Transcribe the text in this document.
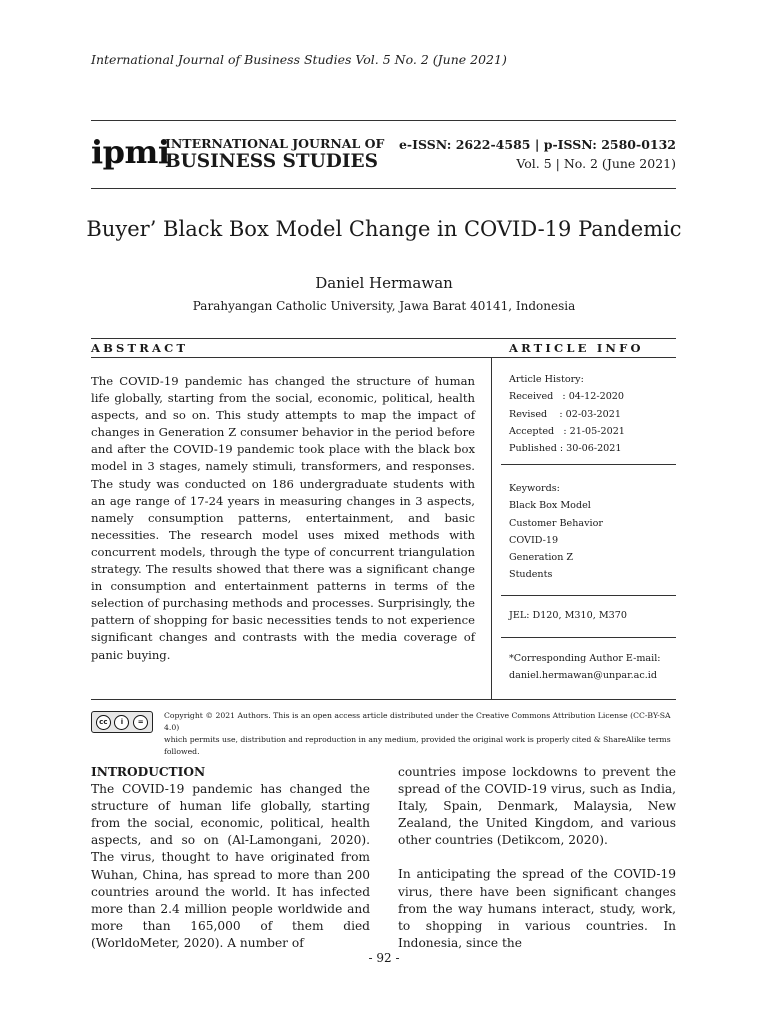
International Journal of Business Studies Vol. 5 No. 2 (June 2021)
ipmi
INTERNATIONAL JOURNAL OF
BUSINESS STUDIES
e-ISSN: 2622-4585 | p-ISSN: 2580-0132
Vol. 5 | No. 2 (June 2021)
Buyer’ Black Box Model Change in COVID-19 Pandemic
Daniel Hermawan
Parahyangan Catholic University, Jawa Barat 40141, Indonesia
ABSTRACT	ARTICLE INFO
The COVID-19 pandemic has changed the structure of human life globally, starting from the social, economic, political, health aspects, and so on. This study attempts to map the impact of changes in Generation Z consumer behavior in the period before and after the COVID-19 pandemic took place with the black box model in 3 stages, namely stimuli, transformers, and responses. The study was conducted on 186 undergraduate students with an age range of 17-24 years in measuring changes in 3 aspects, namely consumption patterns, entertainment, and basic necessities. The research model uses mixed methods with concurrent models, through the type of concurrent triangulation strategy. The results showed that there was a significant change in consumption and entertainment patterns in terms of the selection of purchasing methods and processes. Surprisingly, the pattern of shopping for basic necessities tends to not experience significant changes and contrasts with the media coverage of panic buying.
Article History:
Received   : 04-12-2020
Revised    : 02-03-2021
Accepted   : 21-05-2021
Published : 30-06-2021
Keywords:
Black Box Model
Customer Behavior
COVID-19
Generation Z
Students
JEL: D120, M310, M370
*Corresponding Author E-mail:
daniel.hermawan@unpar.ac.id
cc	i	=
Copyright © 2021 Authors. This is an open access article distributed under the Creative Commons Attribution License (CC-BY-SA 4.0)
which permits use, distribution and reproduction in any medium, provided the original work is properly cited & ShareAlike terms followed.
INTRODUCTION
The COVID-19 pandemic has changed the structure of human life globally, starting from the social, economic, political, health aspects, and so on (Al-Lamongani, 2020). The virus, thought to have originated from Wuhan, China, has spread to more than 200 countries around the world. It has infected more than 2.4 million people worldwide and more than 165,000 of them died (WorldoMeter, 2020). A number of
countries impose lockdowns to prevent the spread of the COVID-19 virus, such as India, Italy, Spain, Denmark, Malaysia, New Zealand, the United Kingdom, and various other countries (Detikcom, 2020).
In anticipating the spread of the COVID-19 virus, there have been significant changes from the way humans interact, study, work, to shopping in various countries. In Indonesia, since the
- 92 -
